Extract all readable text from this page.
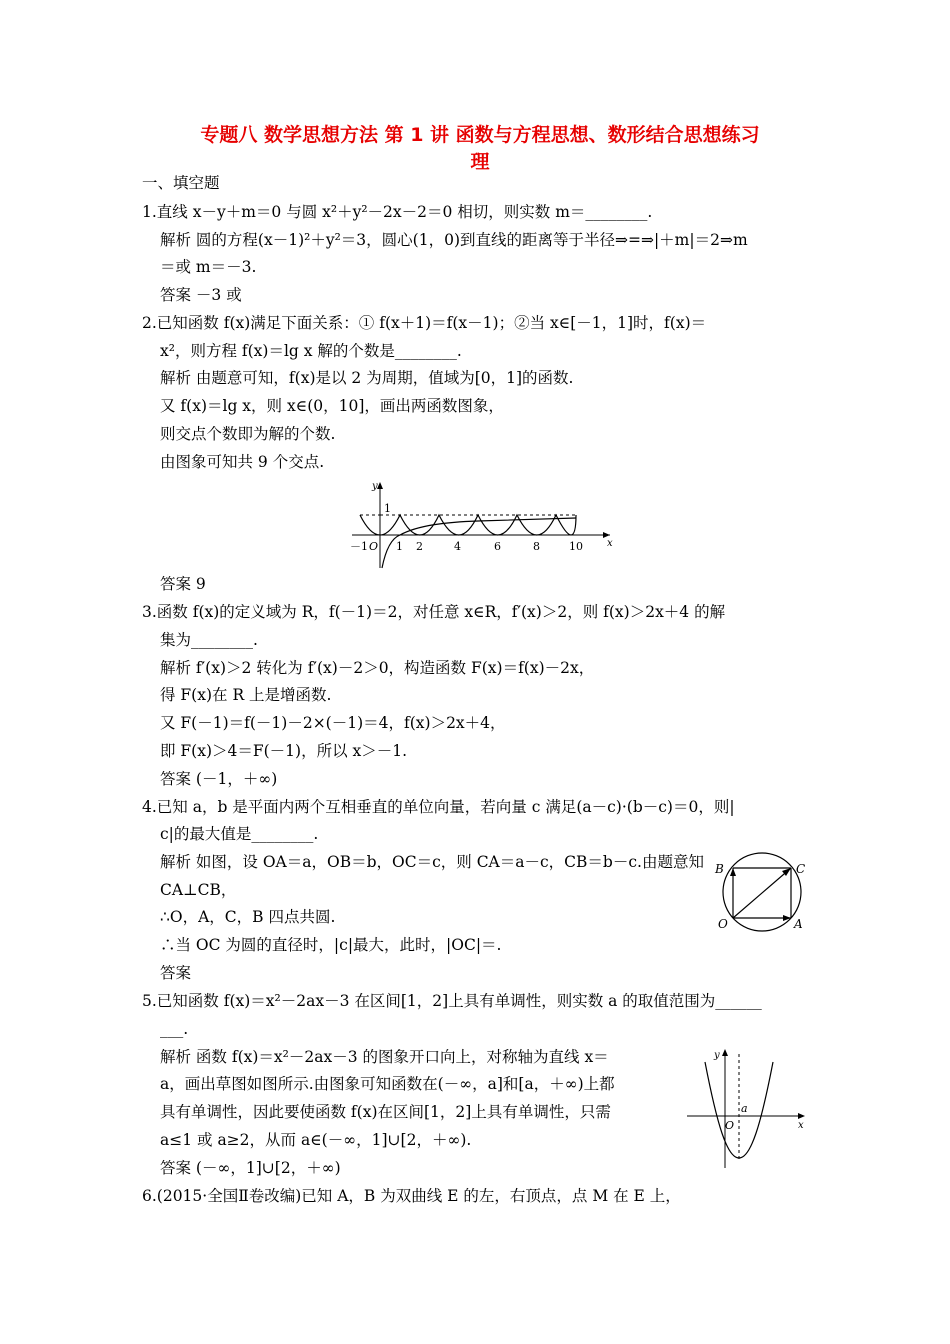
专题八 数学思想方法 第 1 讲 函数与方程思想、数形结合思想练习
理
一、填空题
1.直线 x－y＋m＝0 与圆 x²＋y²－2x－2＝0 相切，则实数 m＝________.
解析 圆的方程(x－1)²＋y²＝3，圆心(1，0)到直线的距离等于半径⇒=⇒|＋m|＝2⇒m
＝或 m＝－3.
答案 －3 或
2.已知函数 f(x)满足下面关系：① f(x＋1)＝f(x－1)；②当 x∈[－1，1]时，f(x)＝
x²，则方程 f(x)＝lg x 解的个数是________.
解析 由题意可知，f(x)是以 2 为周期，值域为[0，1]的函数.
又 f(x)＝lg x，则 x∈(0，10]，画出两函数图象，
则交点个数即为解的个数.
由图象可知共 9 个交点.
y
x
1
O
－1	1 2	4	6	8	10
答案 9
3.函数 f(x)的定义域为 R，f(－1)＝2，对任意 x∈R，f′(x)＞2，则 f(x)＞2x＋4 的解
集为________.
解析 f′(x)＞2 转化为 f′(x)－2＞0，构造函数 F(x)＝f(x)－2x，
得 F(x)在 R 上是增函数.
又 F(－1)＝f(－1)－2×(－1)＝4，f(x)＞2x＋4，
即 F(x)＞4＝F(－1)，所以 x＞－1.
答案 (－1，＋∞)
4.已知 a，b 是平面内两个互相垂直的单位向量，若向量 c 满足(a－c)·(b－c)＝0，则|
c|的最大值是________.
解析 如图，设 OA＝a，OB＝b，OC＝c，则 CA＝a－c，CB＝b－c.由题意知
CA⊥CB，
∴O，A，C，B 四点共圆.
∴当 OC 为圆的直径时，|c|最大，此时，|OC|＝.
答案
B	C
O	A
5.已知函数 f(x)＝x²－2ax－3 在区间[1，2]上具有单调性，则实数 a 的取值范围为______
___.
解析 函数 f(x)＝x²－2ax－3 的图象开口向上，对称轴为直线 x＝
a，画出草图如图所示.由图象可知函数在(－∞，a]和[a，＋∞)上都
具有单调性，因此要使函数 f(x)在区间[1，2]上具有单调性，只需
a≤1 或 a≥2，从而 a∈(－∞，1]∪[2，＋∞).
答案 (－∞，1]∪[2，＋∞)
y
x
a
O
6.(2015·全国Ⅱ卷改编)已知 A，B 为双曲线 E 的左，右顶点，点 M 在 E 上，
